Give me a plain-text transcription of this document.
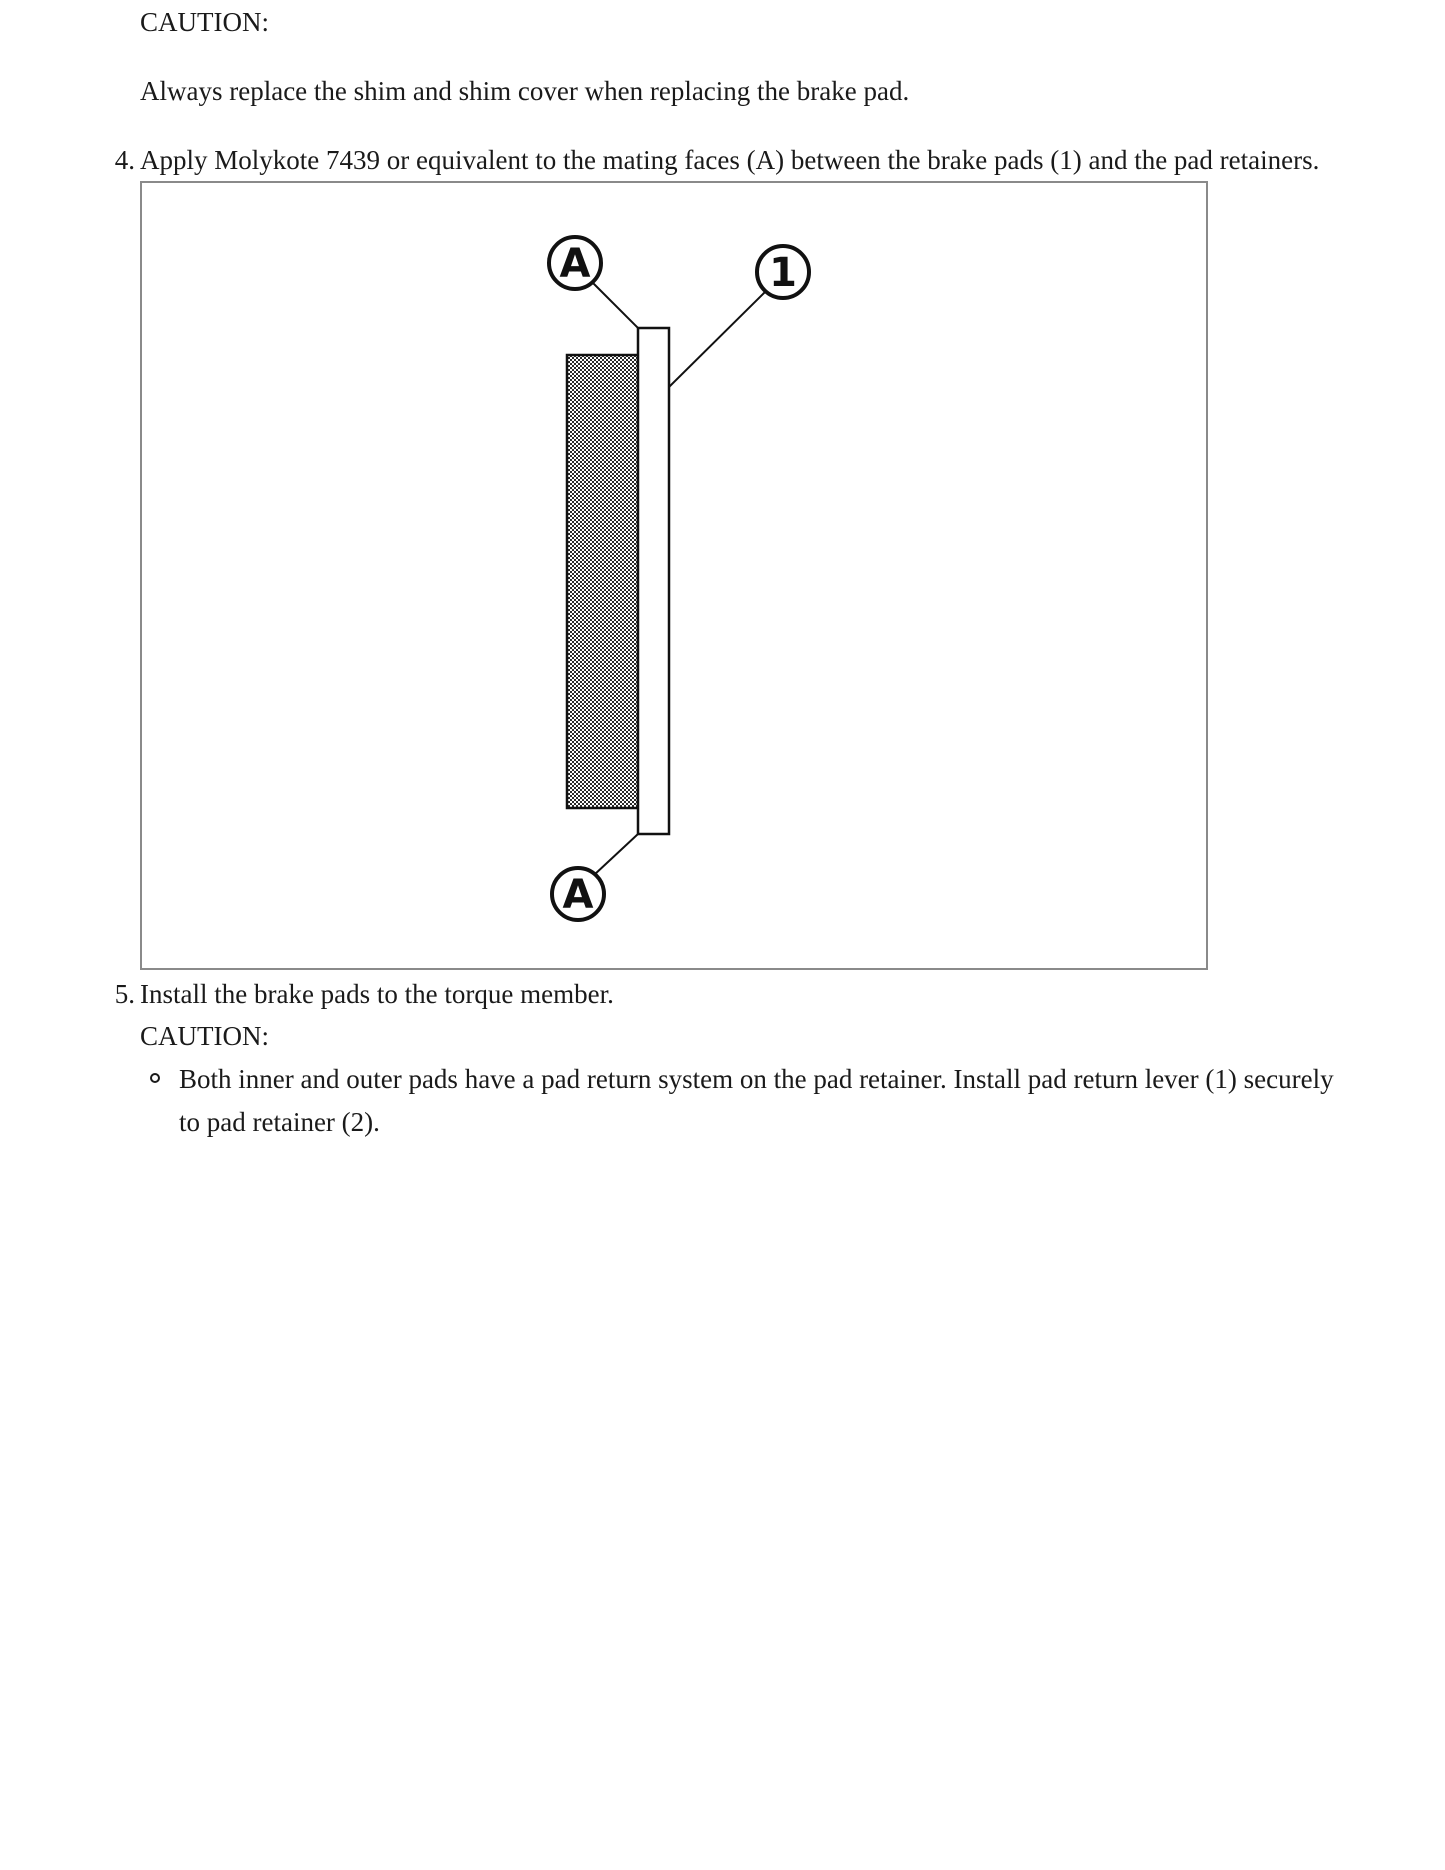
CAUTION:

Always replace the shim and shim cover when replacing the brake pad.

4. Apply Molykote 7439 or equivalent to the mating faces (A) between the brake pads (1) and the pad retainers.

A	1
A
5. Install the brake pads to the torque member.

CAUTION:

Both inner and outer pads have a pad return system on the pad retainer. Install pad return lever (1) securely

to pad retainer (2).
